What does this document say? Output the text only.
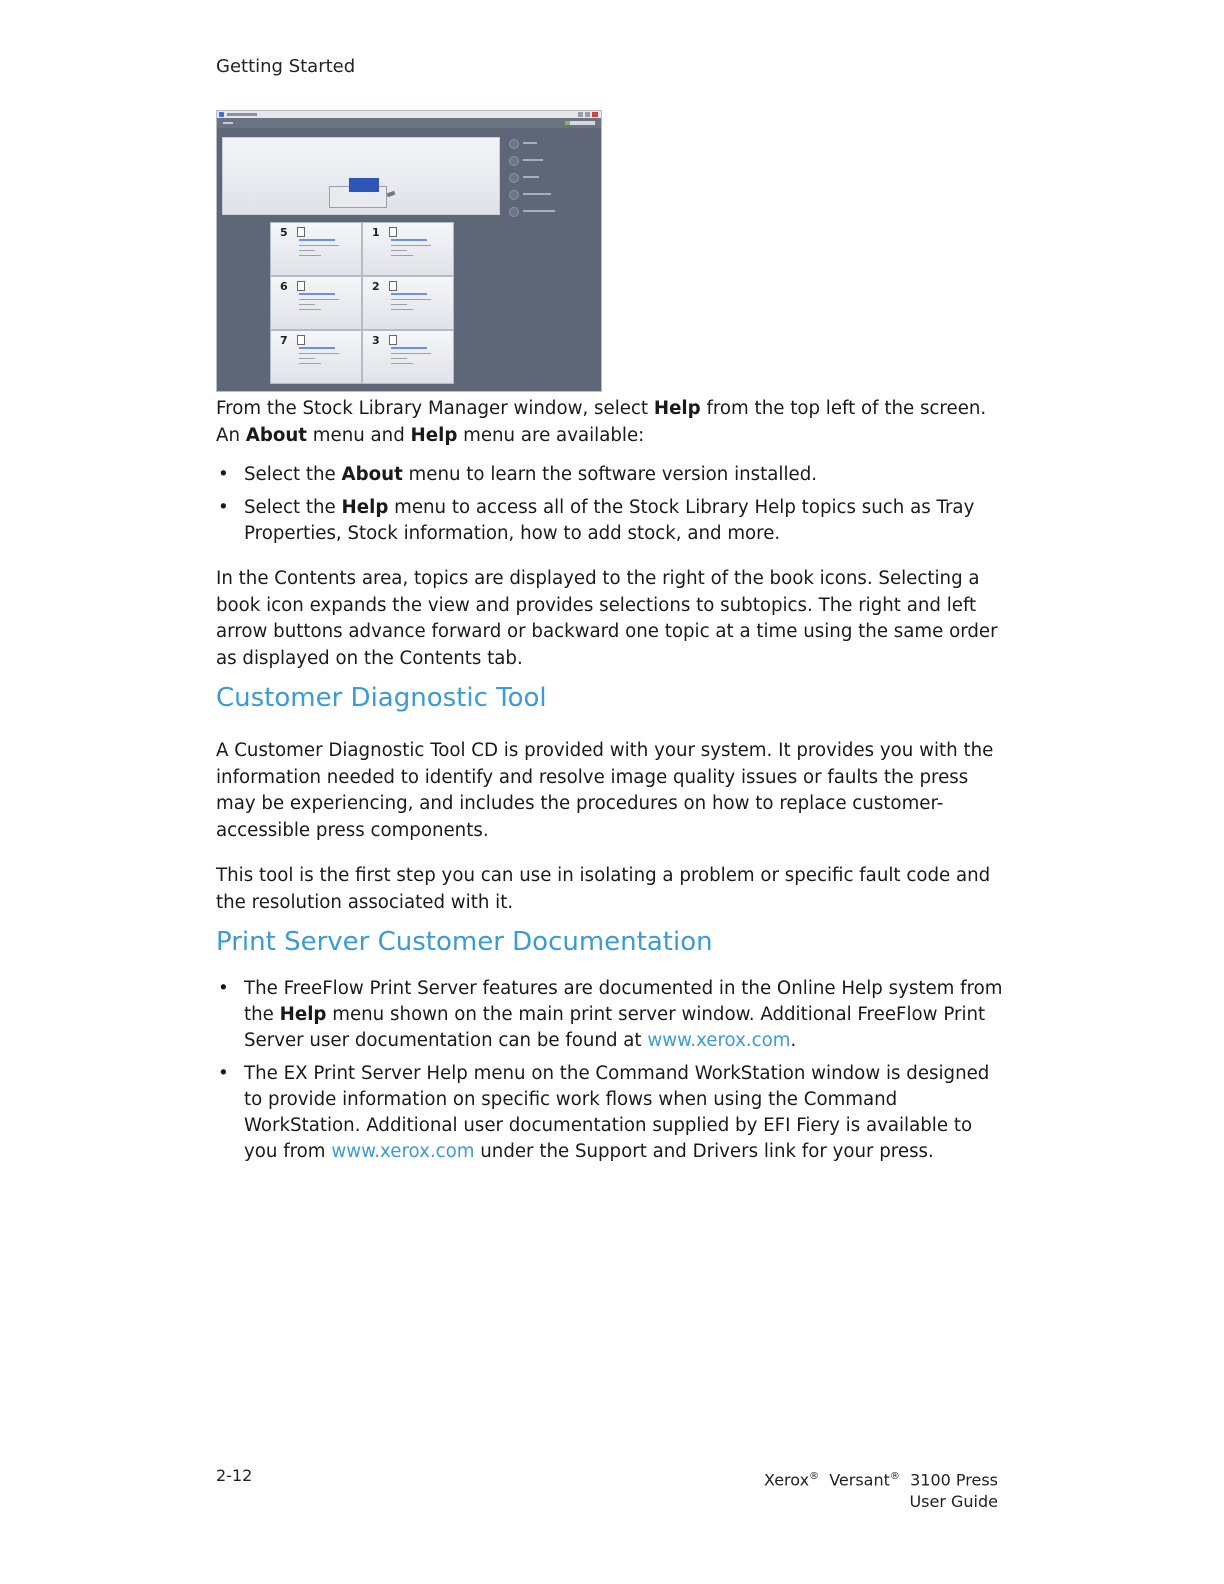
Getting Started
5	1
6	2
7	3

From the Stock Library Manager window, select Help from the top left of the screen. An About menu and Help menu are available:

• Select the About menu to learn the software version installed.
• Select the Help menu to access all of the Stock Library Help topics such as Tray Properties, Stock information, how to add stock, and more.

In the Contents area, topics are displayed to the right of the book icons. Selecting a book icon expands the view and provides selections to subtopics. The right and left arrow buttons advance forward or backward one topic at a time using the same order as displayed on the Contents tab.

Customer Diagnostic Tool

A Customer Diagnostic Tool CD is provided with your system. It provides you with the information needed to identify and resolve image quality issues or faults the press may be experiencing, and includes the procedures on how to replace customer-accessible press components.

This tool is the first step you can use in isolating a problem or specific fault code and the resolution associated with it.

Print Server Customer Documentation
• The FreeFlow Print Server features are documented in the Online Help system from the Help menu shown on the main print server window. Additional FreeFlow Print Server user documentation can be found at www.xerox.com.
• The EX Print Server Help menu on the Command WorkStation window is designed to provide information on specific work flows when using the Command WorkStation. Additional user documentation supplied by EFI Fiery is available to you from www.xerox.com under the Support and Drivers link for your press.
2-12	Xerox® Versant® 3100 Press
User Guide
